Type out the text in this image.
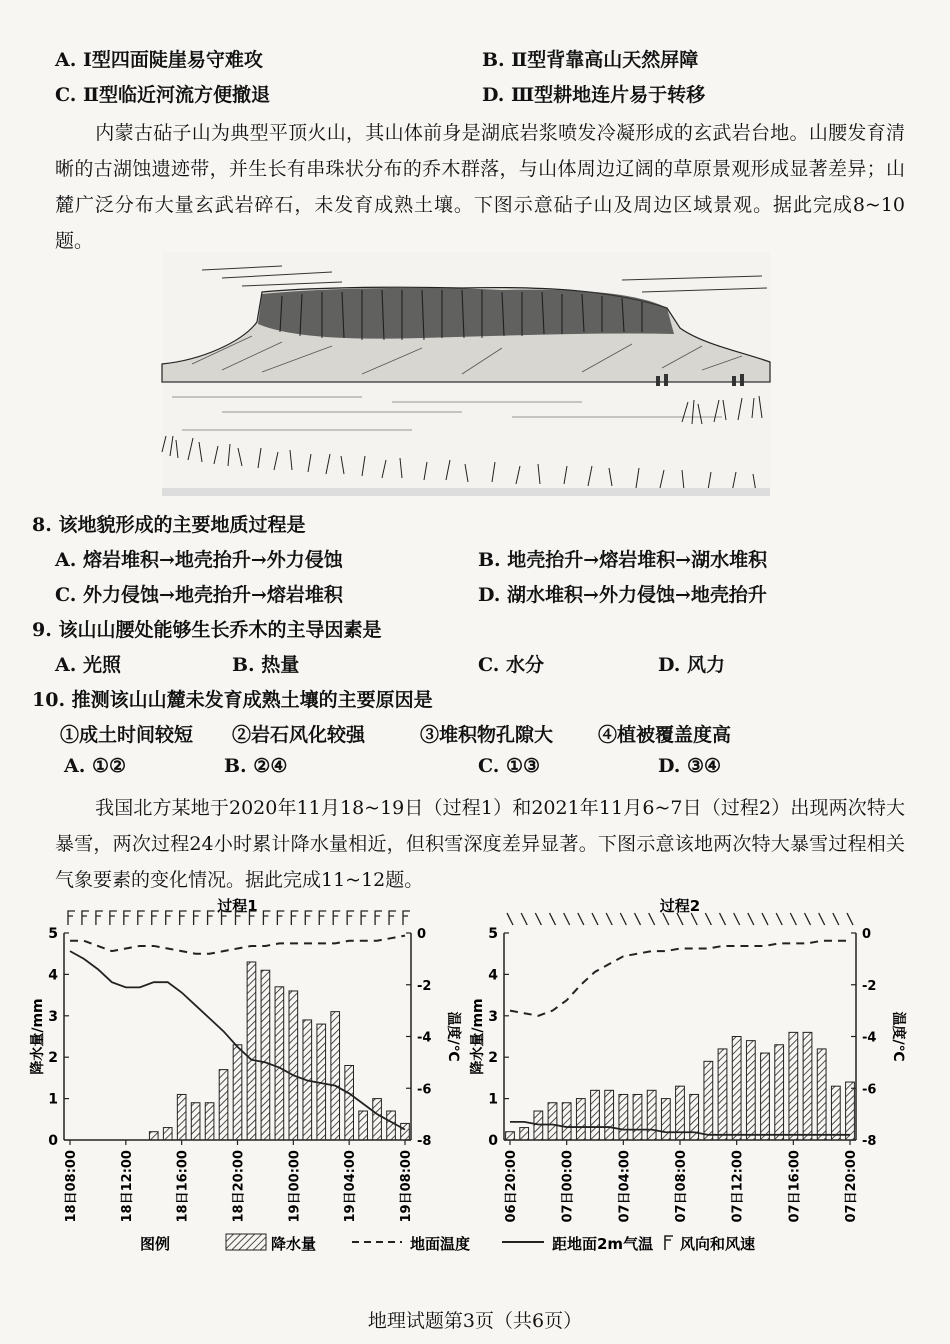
A. Ⅰ型四面陡崖易守难攻	B. Ⅱ型背靠高山天然屏障
C. Ⅱ型临近河流方便撤退	D. Ⅲ型耕地连片易于转移
内蒙古砧子山为典型平顶火山，其山体前身是湖底岩浆喷发冷凝形成的玄武岩台地。山腰发育清晰的古湖蚀遗迹带，并生长有串珠状分布的乔木群落，与山体周边辽阔的草原景观形成显著差异；山麓广泛分布大量玄武岩碎石，未发育成熟土壤。下图示意砧子山及周边区域景观。据此完成8~10题。
8. 该地貌形成的主要地质过程是
A. 熔岩堆积→地壳抬升→外力侵蚀	B. 地壳抬升→熔岩堆积→湖水堆积
C. 外力侵蚀→地壳抬升→熔岩堆积	D. 湖水堆积→外力侵蚀→地壳抬升
9. 该山山腰处能够生长乔木的主导因素是
A. 光照	B. 热量	C. 水分	D. 风力
10. 推测该山山麓未发育成熟土壤的主要原因是
①成土时间较短 ②岩石风化较强	③堆积物孔隙大 ④植被覆盖度高
A. ①②	B. ②④	C. ①③	D. ③④
我国北方某地于2020年11月18~19日（过程1）和2021年11月6~7日（过程2）出现两次特大暴雪，两次过程24小时累计降水量相近，但积雪深度差异显著。下图示意该地两次特大暴雪过程相关气象要素的变化情况。据此完成11~12题。
过程1
0
1
2
3
4
5	0
-2
-4
-6
-8
降水量/mm	温度/℃
18日08:00	18日12:00	18日16:00	18日20:00	19日00:00	19日04:00	19日08:00
过程2
0
1
2
3
4
5	0
-2
-4
-6
-8
降水量/mm	温度/℃
06日20:00	07日00:00	07日04:00	07日08:00	07日12:00	07日16:00	07日20:00
图例	降水量	地面温度	距地面2m气温 风向和风速
地理试题第3页（共6页）
